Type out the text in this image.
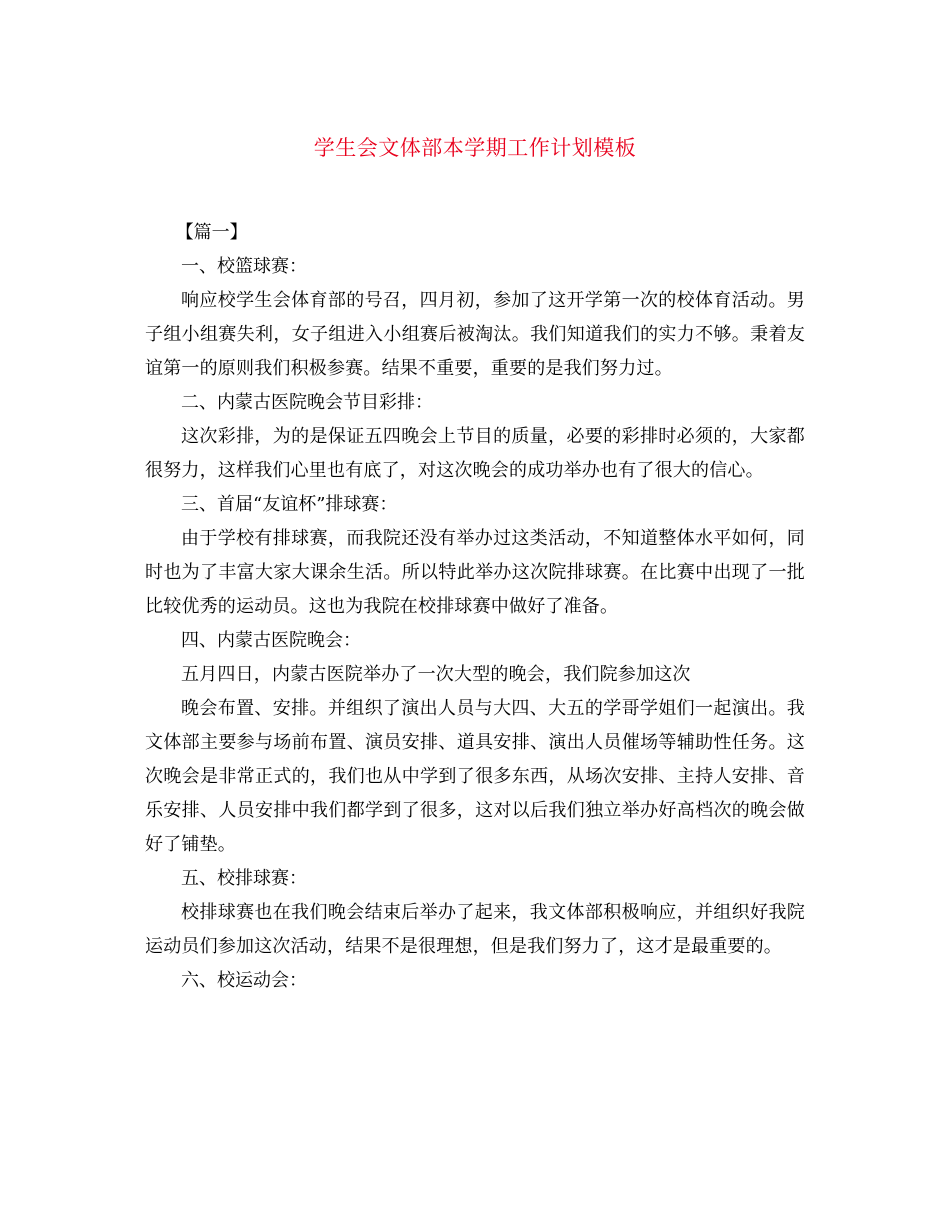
学生会文体部本学期工作计划模板

【篇一】

一、校篮球赛：

响应校学生会体育部的号召，四月初，参加了这开学第一次的校体育活动。男子组小组赛失利，女子组进入小组赛后被淘汰。我们知道我们的实力不够。秉着友谊第一的原则我们积极参赛。结果不重要，重要的是我们努力过。

二、内蒙古医院晚会节目彩排：

这次彩排，为的是保证五四晚会上节目的质量，必要的彩排时必须的，大家都很努力，这样我们心里也有底了，对这次晚会的成功举办也有了很大的信心。

三、首届“友谊杯”排球赛：

由于学校有排球赛，而我院还没有举办过这类活动，不知道整体水平如何，同时也为了丰富大家大课余生活。所以特此举办这次院排球赛。在比赛中出现了一批比较优秀的运动员。这也为我院在校排球赛中做好了准备。

四、内蒙古医院晚会：

五月四日，内蒙古医院举办了一次大型的晚会，我们院参加这次

晚会布置、安排。并组织了演出人员与大四、大五的学哥学姐们一起演出。我文体部主要参与场前布置、演员安排、道具安排、演出人员催场等辅助性任务。这次晚会是非常正式的，我们也从中学到了很多东西，从场次安排、主持人安排、音乐安排、人员安排中我们都学到了很多，这对以后我们独立举办好高档次的晚会做好了铺垫。

五、校排球赛：

校排球赛也在我们晚会结束后举办了起来，我文体部积极响应，并组织好我院运动员们参加这次活动，结果不是很理想，但是我们努力了，这才是最重要的。

六、校运动会：
